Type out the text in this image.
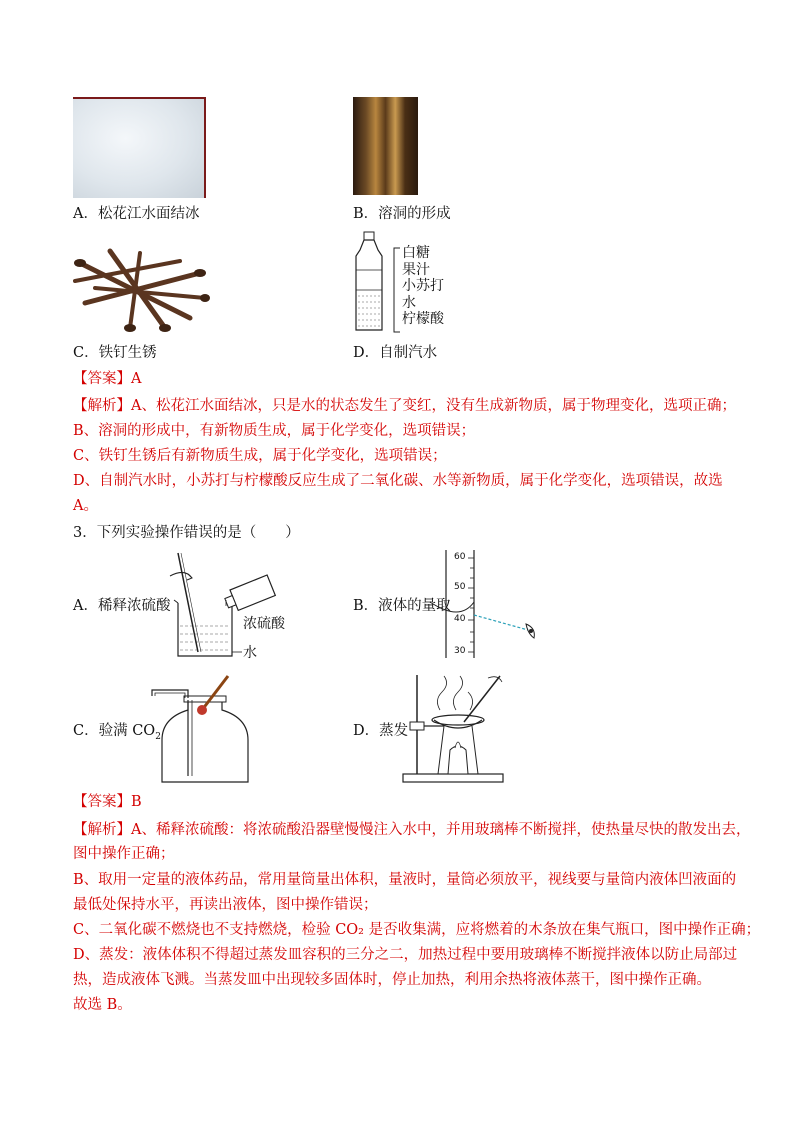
A．松花江水面结冰	B．溶洞的形成
白糖
果汁
小苏打
水
柠檬酸
C．铁钉生锈	D．自制汽水
【答案】A
【解析】A、松花江水面结冰，只是水的状态发生了变红，没有生成新物质，属于物理变化，选项正确；
B、溶洞的形成中，有新物质生成，属于化学变化，选项错误；
C、铁钉生锈后有新物质生成，属于化学变化，选项错误；
D、自制汽水时，小苏打与柠檬酸反应生成了二氧化碳、水等新物质，属于化学变化，选项错误，故选
A。
3．下列实验操作错误的是（　　）
A．稀释浓硫酸
浓硫酸
水
B．液体的量取
60
50
40
30
C．验满 $CO_2$	D．蒸发
【答案】B
【解析】A、稀释浓硫酸：将浓硫酸沿器壁慢慢注入水中，并用玻璃棒不断搅拌，使热量尽快的散发出去，
图中操作正确；
B、取用一定量的液体药品，常用量筒量出体积，量液时，量筒必须放平，视线要与量筒内液体凹液面的
最低处保持水平，再读出液体，图中操作错误；
C、二氧化碳不燃烧也不支持燃烧，检验 CO₂ 是否收集满，应将燃着的木条放在集气瓶口，图中操作正确；
D、蒸发：液体体积不得超过蒸发皿容积的三分之二，加热过程中要用玻璃棒不断搅拌液体以防止局部过
热，造成液体飞溅。当蒸发皿中出现较多固体时，停止加热，利用余热将液体蒸干，图中操作正确。
故选 B。
